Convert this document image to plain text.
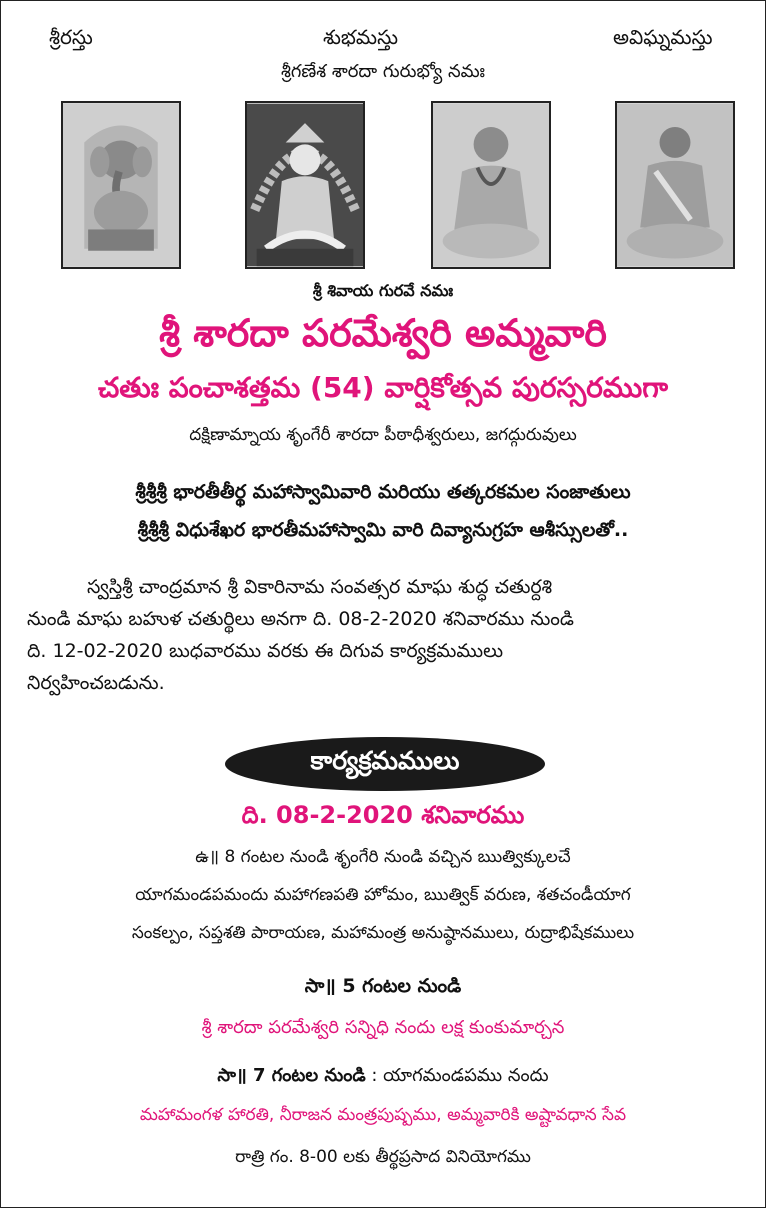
శ్రీరస్తు	శుభమస్తు	అవిఘ్నమస్తు
శ్రీగణేశ శారదా గురుభ్యో నమః
శ్రీ శివాయ గురవే నమః
శ్రీ శారదా పరమేశ్వరి అమ్మవారి
చతుః పంచాశత్తమ (54) వార్షికోత్సవ పురస్సరముగా
దక్షిణామ్నాయ శృంగేరీ శారదా పీఠాధీశ్వరులు, జగద్గురువులు
శ్రీశ్రీశ్రీ భారతీతీర్థ మహాస్వామివారి మరియు తత్కరకమల సంజాతులు
శ్రీశ్రీశ్రీ విధుశేఖర భారతీమహాస్వామి వారి దివ్యానుగ్రహ ఆశీస్సులతో..
స్వస్తిశ్రీ చాంద్రమాన శ్రీ వికారినామ సంవత్సర మాఘ శుద్ధ చతుర్దశి
నుండి మాఘ బహుళ చతుర్థిలు అనగా ది. 08-2-2020 శనివారము నుండి
ది. 12-02-2020 బుధవారము వరకు ఈ దిగువ కార్యక్రమములు
నిర్వహించబడును.
కార్యక్రమములు
ది. 08-2-2020 శనివారము
ఉ॥ 8 గంటల నుండి శృంగేరి నుండి వచ్చిన ఋత్విక్కులచే
యాగమండపమందు మహాగణపతి హోమం, ఋత్విక్ వరుణ, శతచండీయాగ
సంకల్పం, సప్తశతి పారాయణ, మహామంత్ర అనుష్ఠానములు, రుద్రాభిషేకములు
సా॥ 5 గంటల నుండి
శ్రీ శారదా పరమేశ్వరి సన్నిధి నందు లక్ష కుంకుమార్చన
సా॥ 7 గంటల నుండి : యాగమండపము నందు
మహామంగళ హారతి, నీరాజన మంత్రపుష్పము, అమ్మవారికి అష్టావధాన సేవ
రాత్రి గం. 8-00 లకు తీర్థప్రసాద వినియోగము
